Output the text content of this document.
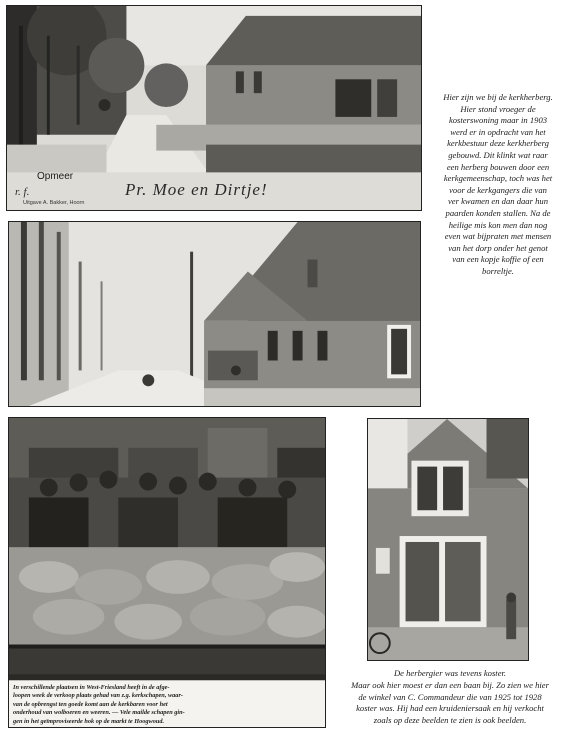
Opmeer
r. f.	Pr. Moe en Dirtje!
Uitgave A. Bakker, Hoorn
Hier zijn we bij de kerkherberg.
Hier stond vroeger de
kosterswoning maar in 1903
werd er in opdracht van het
kerkbestuur deze kerkherberg
gebouwd. Dit klinkt wat raar
een herberg bouwen door een
kerkgemeenschap, toch was het
voor de kerkgangers die van
ver kwamen en dan daar hun
paarden konden stallen. Na de
heilige mis kon men dan nog
even wat bijpraten met mensen
van het dorp onder het genot
van een kopje koffie of een
borreltje.
In verschillende plaatsen in West-Friesland heeft in de afge-
loopen week de verkoop plaats gehad van z.g. kerkschapen, waar-
van de opbrengst ten goede komt aan de kerkbaren voor het
onderhoud van wolboeren en weeren. — Vele mailde schapen gin-
gen in het geïmproviseerde hok op de markt te Hoogwoud.
De herbergier was tevens koster.
Maar ook hier moest er dan een baan bij. Zo zien we hier
de winkel van C. Commandeur die van 1925 tot 1928
koster was. Hij had een kruideniersaak en hij verkocht
zoals op deze beelden te zien is ook beelden.
